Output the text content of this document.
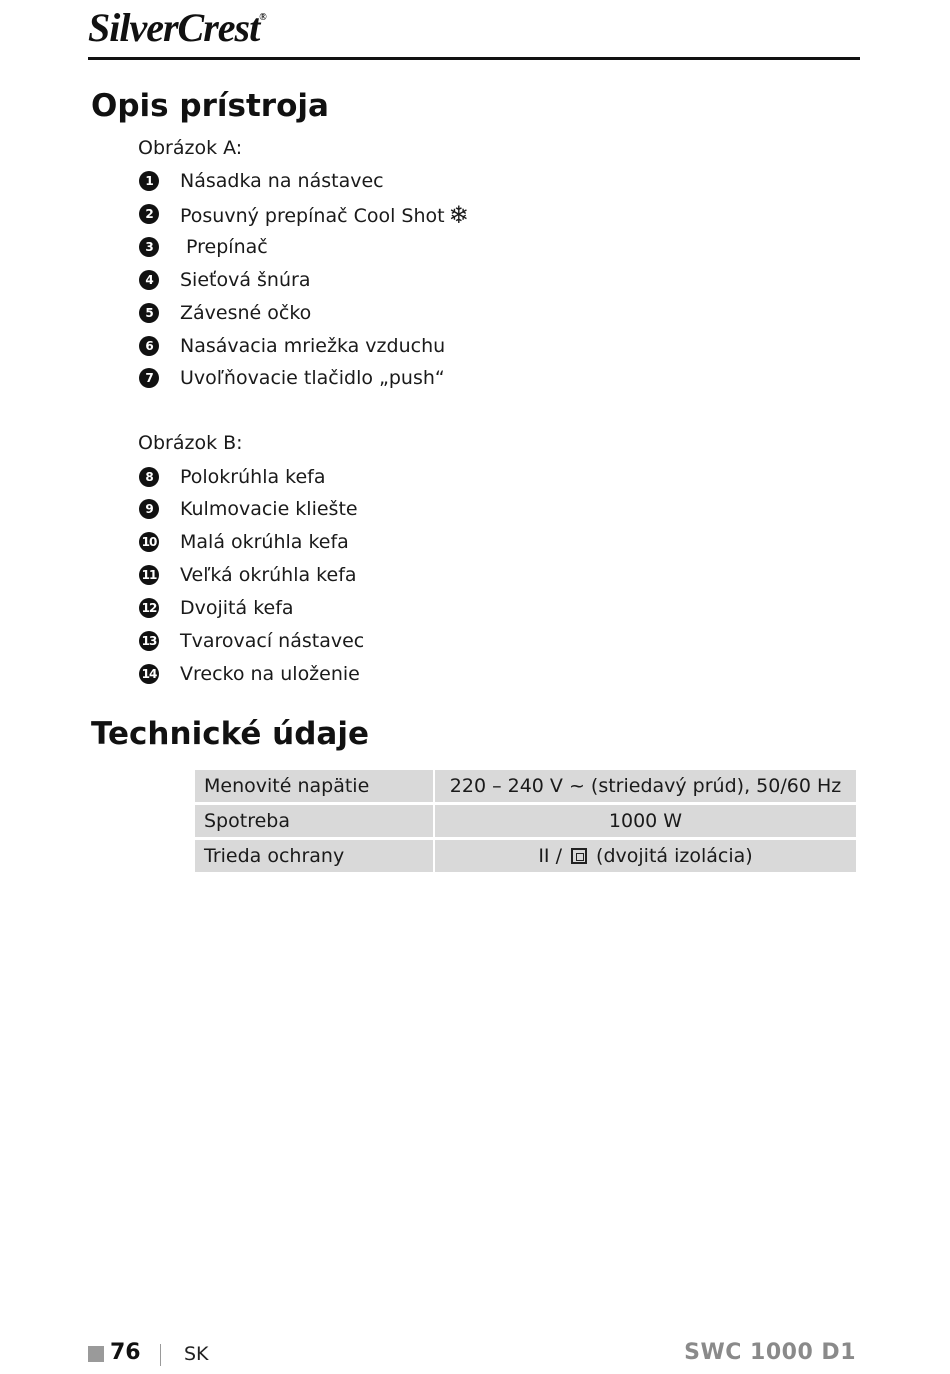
SilverCrest®
Opis prístroja
Obrázok A:
1	Násadka na nástavec
2	Posuvný prepínač Cool Shot ❄
3	Prepínač
4	Sieťová šnúra
5	Závesné očko
6	Nasávacia mriežka vzduchu
7	Uvoľňovacie tlačidlo „push“
Obrázok B:
8	Polokrúhla kefa
9	Kulmovacie kliešte
10 Malá okrúhla kefa
11 Veľká okrúhla kefa
12 Dvojitá kefa
13 Tvarovací nástavec
14 Vrecko na uloženie
Technické údaje
Menovité napätie	220 – 240 V ~ (striedavý prúd), 50/60 Hz
Spotreba	1000 W
Trieda ochrany	II /  (dvojitá izolácia)
76 SK	SWC 1000 D1
